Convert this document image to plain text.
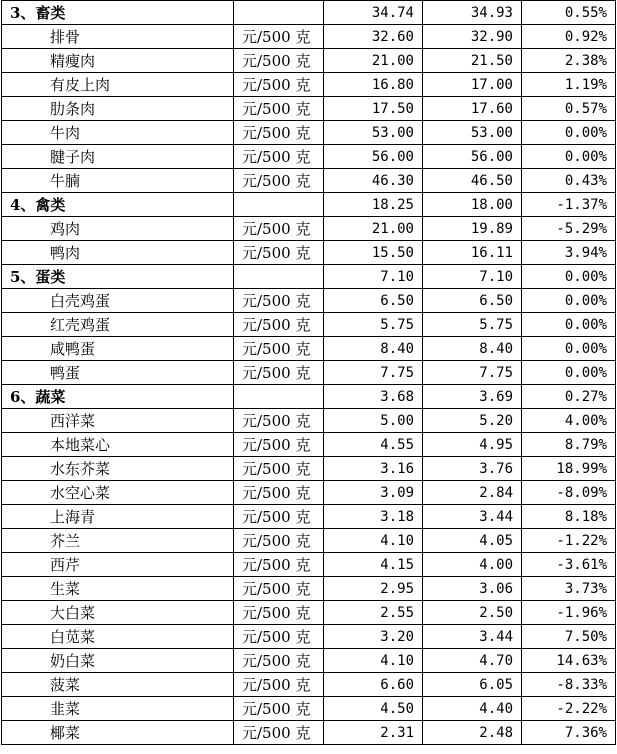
3、畜类		34.74	34.93	0.55%
排骨	元/500 克	32.60	32.90	0.92%
精瘦肉	元/500 克	21.00	21.50	2.38%
有皮上肉	元/500 克	16.80	17.00	1.19%
肋条肉	元/500 克	17.50	17.60	0.57%
牛肉	元/500 克	53.00	53.00	0.00%
腱子肉	元/500 克	56.00	56.00	0.00%
牛腩	元/500 克	46.30	46.50	0.43%
4、禽类		18.25	18.00	-1.37%
鸡肉	元/500 克	21.00	19.89	-5.29%
鸭肉	元/500 克	15.50	16.11	3.94%
5、蛋类		7.10	7.10	0.00%
白壳鸡蛋	元/500 克	6.50	6.50	0.00%
红壳鸡蛋	元/500 克	5.75	5.75	0.00%
咸鸭蛋	元/500 克	8.40	8.40	0.00%
鸭蛋	元/500 克	7.75	7.75	0.00%
6、蔬菜		3.68	3.69	0.27%
西洋菜	元/500 克	5.00	5.20	4.00%
本地菜心	元/500 克	4.55	4.95	8.79%
水东芥菜	元/500 克	3.16	3.76	18.99%
水空心菜	元/500 克	3.09	2.84	-8.09%
上海青	元/500 克	3.18	3.44	8.18%
芥兰	元/500 克	4.10	4.05	-1.22%
西芹	元/500 克	4.15	4.00	-3.61%
生菜	元/500 克	2.95	3.06	3.73%
大白菜	元/500 克	2.55	2.50	-1.96%
白苋菜	元/500 克	3.20	3.44	7.50%
奶白菜	元/500 克	4.10	4.70	14.63%
菠菜	元/500 克	6.60	6.05	-8.33%
韭菜	元/500 克	4.50	4.40	-2.22%
椰菜	元/500 克	2.31	2.48	7.36%
